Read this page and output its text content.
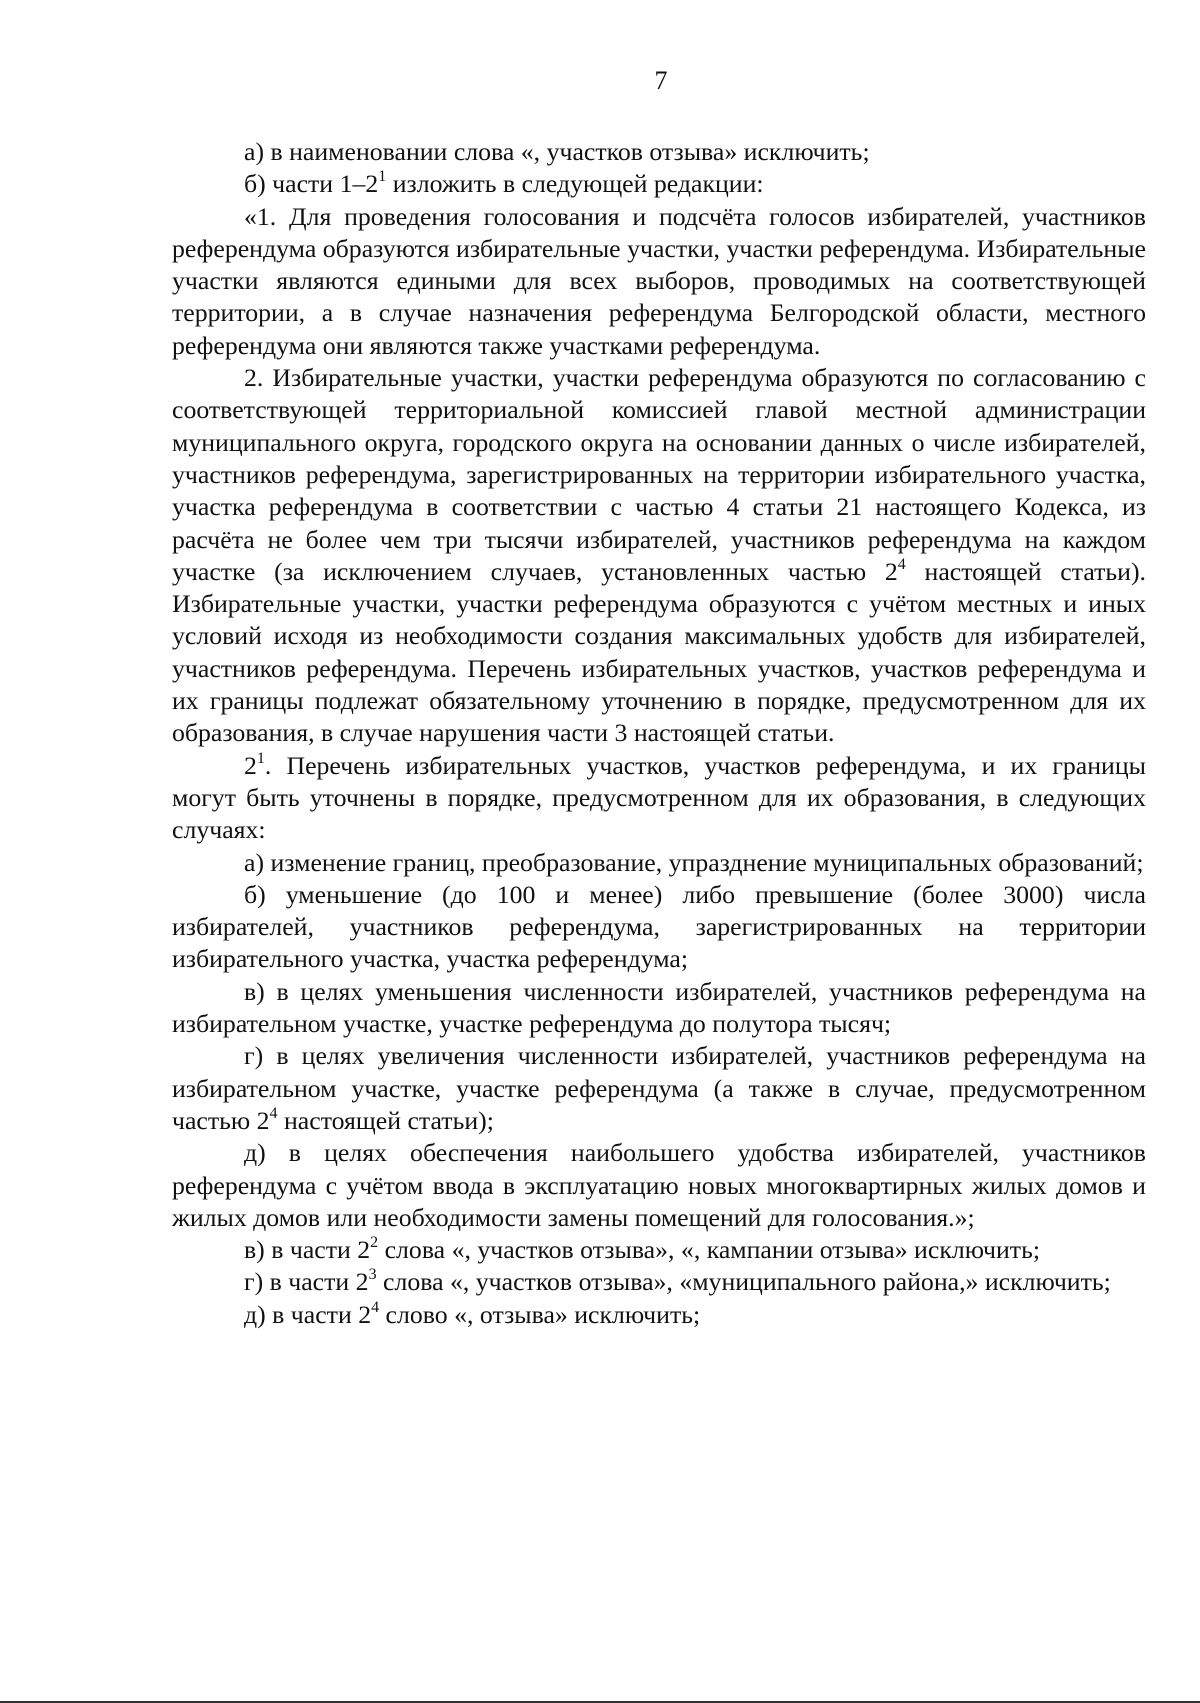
7

а) в наименовании слова «, участков отзыва» исключить;

б) части $1-2^1$ изложить в следующей редакции:

«1. Для проведения голосования и подсчёта голосов избирателей, участников референдума образуются избирательные участки, участки референдума. Избирательные участки являются едиными для всех выборов, проводимых на соответствующей территории, а в случае назначения референдума Белгородской области, местного референдума они являются также участками референдума.

2. Избирательные участки, участки референдума образуются по согласованию с соответствующей территориальной комиссией главой местной администрации муниципального округа, городского округа на основании данных о числе избирателей, участников референдума, зарегистрированных на территории избирательного участка, участка референдума в соответствии с частью 4 статьи 21 настоящего Кодекса, из расчёта не более чем три тысячи избирателей, участников референдума на каждом участке (за исключением случаев, установленных частью $2^4$ настоящей статьи). Избирательные участки, участки референдума образуются с учётом местных и иных условий исходя из необходимости создания максимальных удобств для избирателей, участников референдума. Перечень избирательных участков, участков референдума и их границы подлежат обязательному уточнению в порядке, предусмотренном для их образования, в случае нарушения части 3 настоящей статьи.

$2^1$. Перечень избирательных участков, участков референдума, и их границы могут быть уточнены в порядке, предусмотренном для их образования, в следующих случаях:

а) изменение границ, преобразование, упразднение муниципальных образований;

б) уменьшение (до 100 и менее) либо превышение (более 3000) числа избирателей, участников референдума, зарегистрированных на территории избирательного участка, участка референдума;

в) в целях уменьшения численности избирателей, участников референдума на избирательном участке, участке референдума до полутора тысяч;

г) в целях увеличения численности избирателей, участников референдума на избирательном участке, участке референдума (а также в случае, предусмотренном частью $2^4$ настоящей статьи);

д) в целях обеспечения наибольшего удобства избирателей, участников референдума с учётом ввода в эксплуатацию новых многоквартирных жилых домов и жилых домов или необходимости замены помещений для голосования.»;

в) в части $2^2$ слова «, участков отзыва», «, кампании отзыва» исключить;

г) в части $2^3$ слова «, участков отзыва», «муниципального района,» исключить;

д) в части $2^4$ слово «, отзыва» исключить;
